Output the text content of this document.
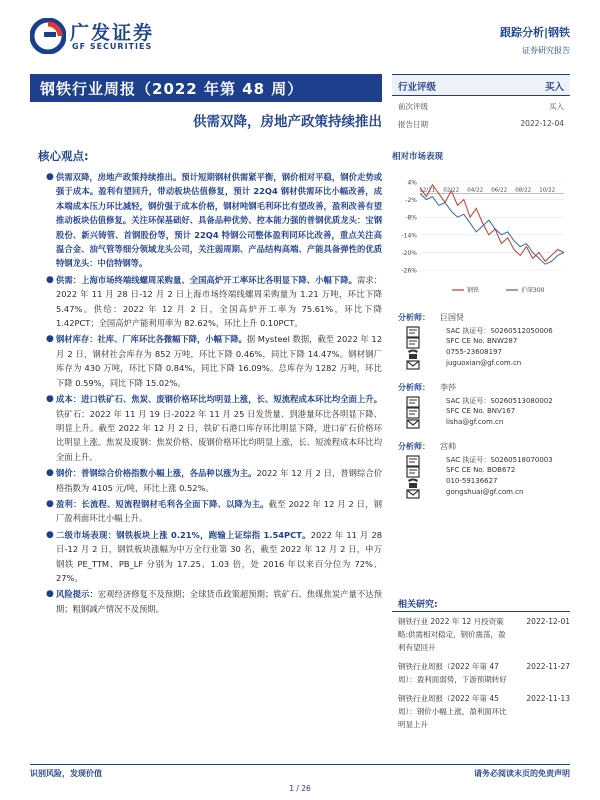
广发证券
GF SECURITIES
跟踪分析|钢铁
证券研究报告
钢铁行业周报（2022 年第 48 周）
供需双降，房地产政策持续推出
核心观点:
● 供需双降，房地产政策持续推出。预计短期钢材供需紧平衡，钢价相对平稳，钢价走势或强于成本。盈利有望回升，带动板块估值修复，预计 22Q4 钢材供需环比小幅改善，成本端成本压力环比减轻，钢价强于成本价格，钢材吨钢毛利环比有望改善，盈利改善有望推动板块估值修复。关注环保基础好、具备品种优势、控本能力强的普钢优质龙头：宝钢股份、新兴铸管、首钢股份等，预计 22Q4 特钢公司整体盈利同环比改善，重点关注高温合金、油气管等细分领域龙头公司，关注弱周期、产品结构高端、产能具备弹性的优质特钢龙头：中信特钢等。
● 供需：上海市场终端线螺周采购量、全国高炉开工率环比各明显下降、小幅下降。需求：2022 年 11 月 28 日-12 月 2 日上海市场终端线螺周采购量为 1.21 万吨，环比下降 5.47%。供给：2022 年 12 月 2 日，全国高炉开工率为 75.61%，环比下降 1.42PCT；全国高炉产能利用率为 82.62%，环比上升 0.10PCT。
● 钢材库存：社库、厂库环比各微幅下降，小幅下降。据 Mysteel 数据，截至 2022 年 12 月 2 日，钢材社会库存为 852 万吨，环比下降 0.46%，同比下降 14.47%。钢材钢厂库存为 430 万吨，环比下降 0.84%，同比下降 16.09%。总库存为 1282 万吨，环比下降 0.59%，同比下降 15.02%。
● 成本：进口铁矿石、焦炭、废钢价格环比均明显上涨，长、短流程成本环比均全面上升。铁矿石：2022 年 11 月 19 日-2022 年 11 月 25 日发货量、到港量环比各明显下降、明显上升。截至 2022 年 12 月 2 日，铁矿石港口库存环比明显下降，进口矿石价格环比明显上涨。焦炭及废钢：焦炭价格、废钢价格环比均明显上涨，长、短流程成本环比均全面上升。
● 钢价：普钢综合价格指数小幅上涨，各品种以涨为主。2022 年 12 月 2 日，普钢综合价格指数为 4105 元/吨，环比上涨 0.52%。
● 盈利：长流程、短流程钢材毛利各全面下降、以降为主。截至 2022 年 12 月 2 日，钢厂盈利面环比小幅上升。
● 二级市场表现：钢铁板块上涨 0.21%，跑输上证综指 1.54PCT。2022 年 11 月 28 日-12 月 2 日，钢铁板块涨幅为中万全行业第 30 名，截至 2022 年 12 月 2 日，申万钢铁 PE_TTM、PB_LF 分别为 17.25、1.03 倍，处 2016 年以来百分位为 72%、27%。
● 风险提示：宏观经济修复不及预期；全球货币政策超预期；铁矿石、焦煤焦炭产量不达预期；粗钢减产情况不及预期。
行业评级	买入
前次评级	买入
报告日期	2022-12-04
相对市场表现
4%
-2%
-8%
-14%
-20%
-26%
12/21 02/22 04/22 06/22 08/22 10/22
钢铁	沪深300
分析师： 巨国贤
SAC 执证号：S0260512050006
SFC CE No. BNW287
0755-23608197
juguoxian@gf.com.cn
分析师： 李莎
SAC 执证号：S0260513080002
SFC CE No. BNV167
lisha@gf.com.cn
分析师： 宫帅
SAC 执证号：S0260518070003
SFC CE No. BOB672
010-59136627
gongshuai@gf.com.cn
相关研究:
钢铁行业 2022 年 12 月投资策略:供需相对稳定，钢价震荡，盈利有望回升
2022-12-01
钢铁行业周报（2022 年第 47 周）：盈利面弱势，下游预期转好
2022-11-27
钢铁行业周报（2022 年第 45 周）：钢价小幅上涨，盈利面环比明显上升
2022-11-13
识别风险，发现价值	请务必阅读末页的免责声明
1 / 26
